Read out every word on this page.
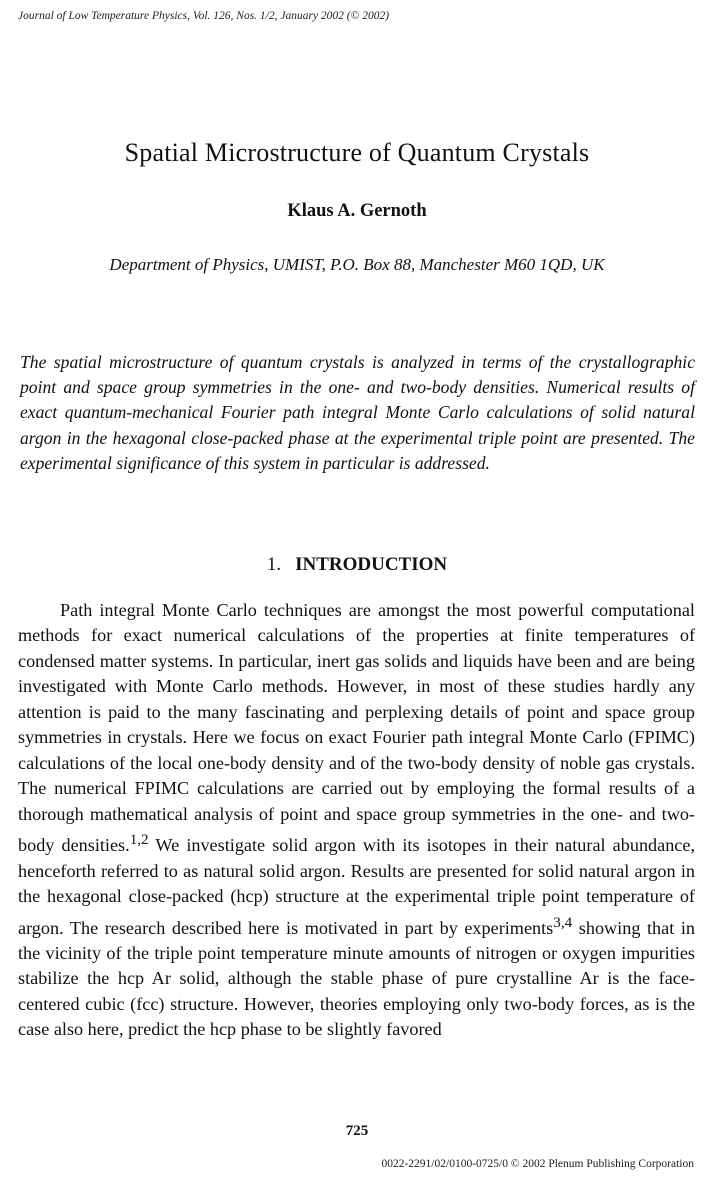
Journal of Low Temperature Physics, Vol. 126, Nos. 1/2, January 2002 (© 2002)
Spatial Microstructure of Quantum Crystals
Klaus A. Gernoth
Department of Physics, UMIST, P.O. Box 88, Manchester M60 1QD, UK

The spatial microstructure of quantum crystals is analyzed in terms of the crystallographic point and space group symmetries in the one- and two-body densities. Numerical results of exact quantum-mechanical Fourier path integral Monte Carlo calculations of solid natural argon in the hexagonal close-packed phase at the experimental triple point are presented. The experimental significance of this system in particular is addressed.

1. INTRODUCTION

Path integral Monte Carlo techniques are amongst the most powerful computational methods for exact numerical calculations of the properties at finite temperatures of condensed matter systems. In particular, inert gas solids and liquids have been and are being investigated with Monte Carlo methods. However, in most of these studies hardly any attention is paid to the many fascinating and perplexing details of point and space group symmetries in crystals. Here we focus on exact Fourier path integral Monte Carlo (FPIMC) calculations of the local one-body density and of the two-body density of noble gas crystals. The numerical FPIMC calculations are carried out by employing the formal results of a thorough mathematical analysis of point and space group symmetries in the one- and two-body densities.$^{1,2}$ We investigate solid argon with its isotopes in their natural abundance, henceforth referred to as natural solid argon. Results are presented for solid natural argon in the hexagonal close-packed (hcp) structure at the experimental triple point temperature of argon. The research described here is motivated in part by experiments$^{3,4}$ showing that in the vicinity of the triple point temperature minute amounts of nitrogen or oxygen impurities stabilize the hcp Ar solid, although the stable phase of pure crystalline Ar is the face-centered cubic (fcc) structure. However, theories employing only two-body forces, as is the case also here, predict the hcp phase to be slightly favored

725
0022-2291/02/0100-0725/0 © 2002 Plenum Publishing Corporation
